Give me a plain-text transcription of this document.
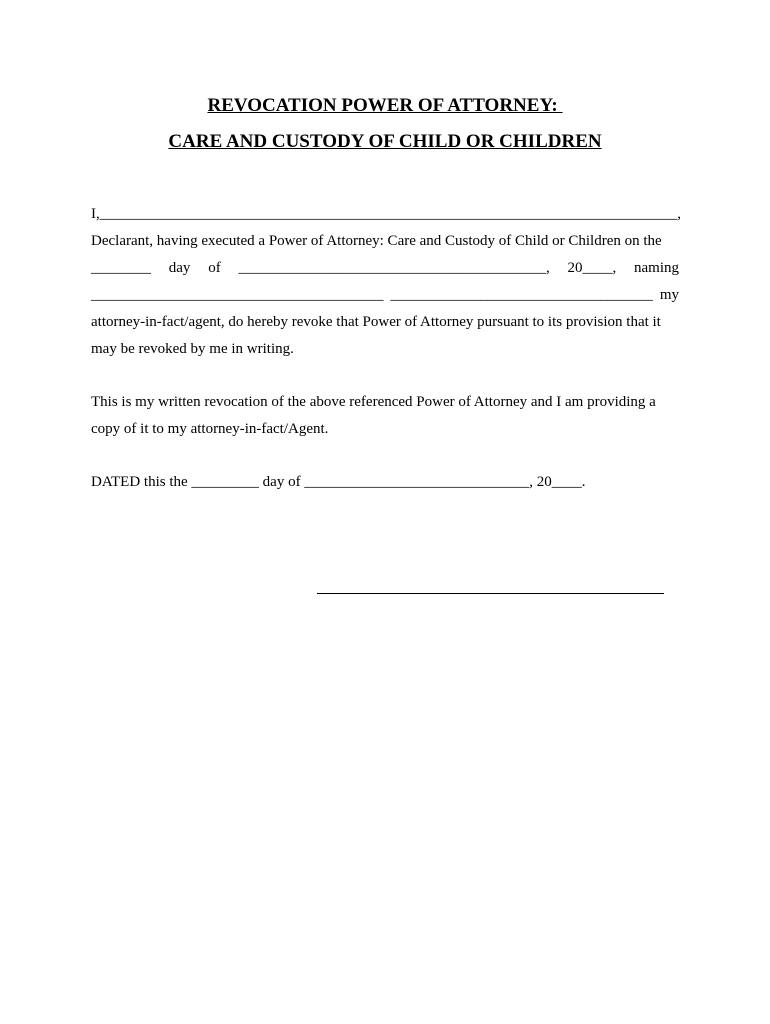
REVOCATION POWER OF ATTORNEY:
CARE AND CUSTODY OF CHILD OR CHILDREN
I, _____________________________________________________________________________,
Declarant, having executed a Power of Attorney: Care and Custody of Child or Children on the
________ day of _________________________________________, 20____, naming
_______________________________________ ___________________________________ my
attorney-in-fact/agent, do hereby revoke that Power of Attorney pursuant to its provision that it
may be revoked by me in writing.
This is my written revocation of the above referenced Power of Attorney and I am providing a
copy of it to my attorney-in-fact/Agent.
DATED this the _________ day of ______________________________, 20____.
